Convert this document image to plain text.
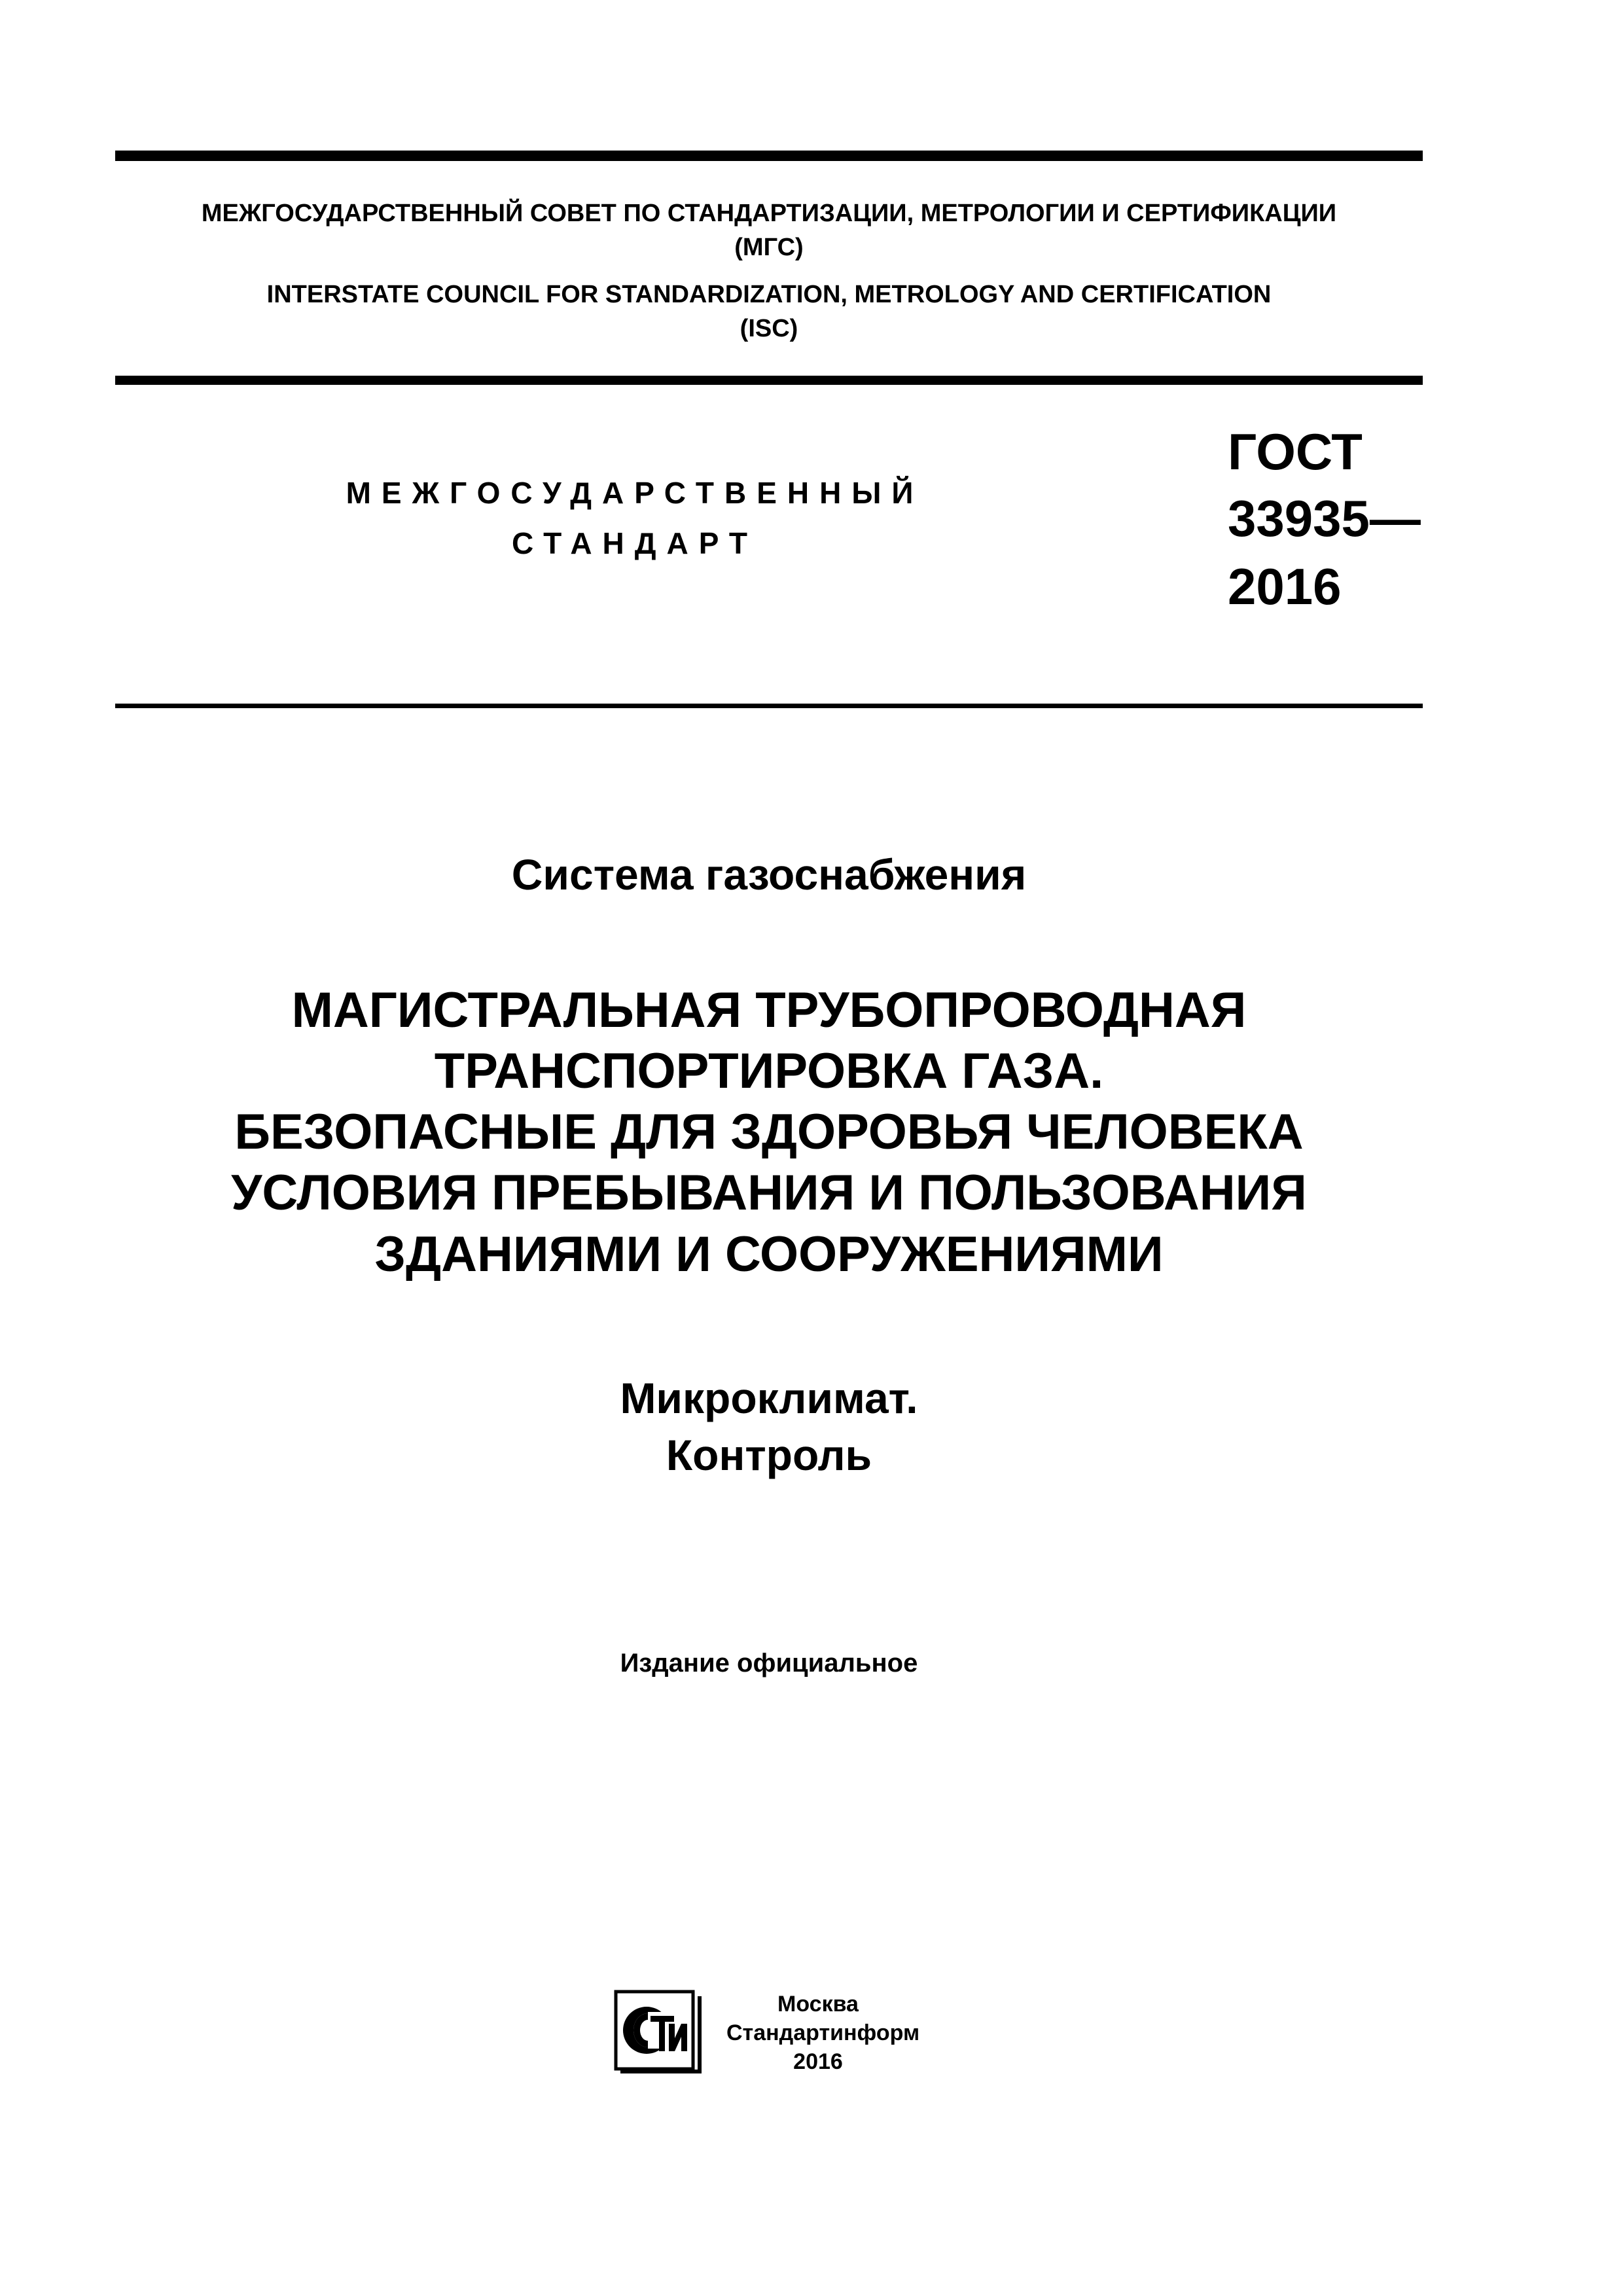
МЕЖГОСУДАРСТВЕННЫЙ СОВЕТ ПО СТАНДАРТИЗАЦИИ, МЕТРОЛОГИИ И СЕРТИФИКАЦИИ
(МГС)
INTERSTATE COUNCIL FOR STANDARDIZATION, METROLOGY AND CERTIFICATION
(ISC)
МЕЖГОСУДАРСТВЕННЫЙ
СТАНДАРТ
ГОСТ
33935—
2016
Система газоснабжения
МАГИСТРАЛЬНАЯ ТРУБОПРОВОДНАЯ
ТРАНСПОРТИРОВКА ГАЗА.
БЕЗОПАСНЫЕ ДЛЯ ЗДОРОВЬЯ ЧЕЛОВЕКА
УСЛОВИЯ ПРЕБЫВАНИЯ И ПОЛЬЗОВАНИЯ
ЗДАНИЯМИ И СООРУЖЕНИЯМИ
Микроклимат.
Контроль
Издание официальное
Москва
Стандартинформ
2016
